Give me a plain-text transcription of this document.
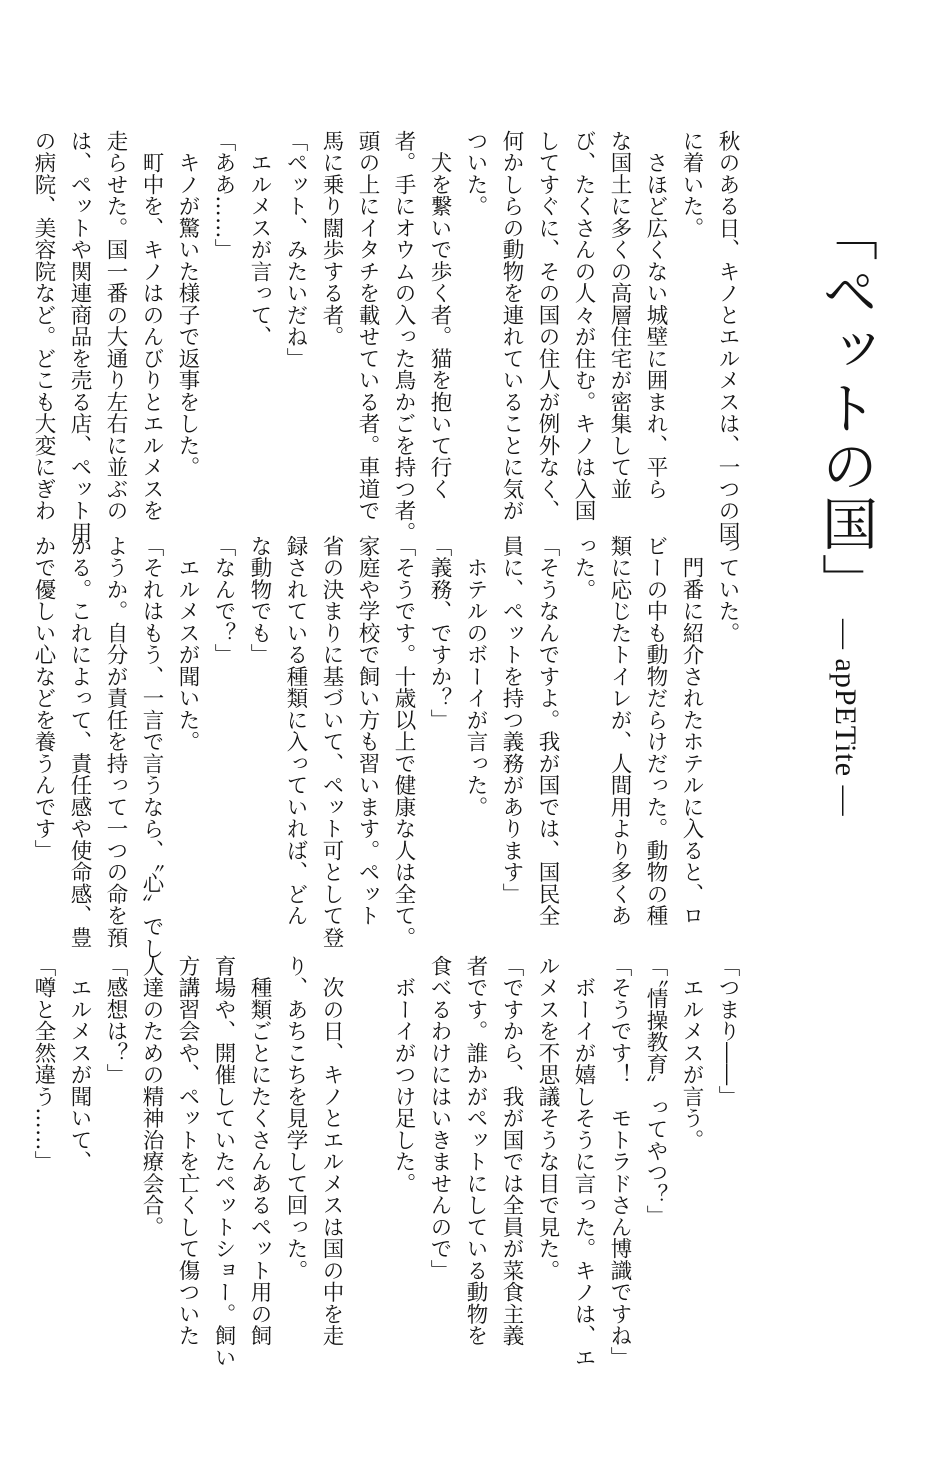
「ペットの国」— apPETite —
秋のある日、キノとエルメスは、一つの国
に着いた。
　さほど広くない城壁に囲まれ、平ら
な国土に多くの高層住宅が密集して並
び、たくさんの人々が住む。キノは入国
してすぐに、その国の住人が例外なく、
何かしらの動物を連れていることに気が
ついた。
　犬を繋いで歩く者。猫を抱いて行く
者。手にオウムの入った鳥かごを持つ者。
頭の上にイタチを載せている者。車道で
馬に乗り闊歩する者。
「ペット、みたいだね」
　エルメスが言って、
「ああ……」
　キノが驚いた様子で返事をした。
　町中を、キノはのんびりとエルメスを
走らせた。国一番の大通り左右に並ぶの
は、ペットや関連商品を売る店、ペット用
の病院、美容院など。どこも大変にぎわ
っていた。
　門番に紹介されたホテルに入ると、ロ
ビーの中も動物だらけだった。動物の種
類に応じたトイレが、人間用より多くあ
った。
「そうなんですよ。我が国では、国民全
員に、ペットを持つ義務があります」
　ホテルのボーイが言った。
「義務、ですか？」
「そうです。十歳以上で健康な人は全て。
家庭や学校で飼い方も習います。ペット
省の決まりに基づいて、ペット可として登
録されている種類に入っていれば、どん
な動物でも」
「なんで？」
　エルメスが聞いた。
「それはもう、一言で言うなら、〝心〟でし
ようか。自分が責任を持って一つの命を預
かる。これによって、責任感や使命感、豊
かで優しい心などを養うんです」
「つまり――」
　エルメスが言う。
「〝情操教育〟ってやつ？」
「そうです！　モトラドさん博識ですね」
　ボーイが嬉しそうに言った。キノは、エ
ルメスを不思議そうな目で見た。
「ですから、我が国では全員が菜食主義
者です。誰かがペットにしている動物を
食べるわけにはいきませんので」
　ボーイがつけ足した。

　次の日、キノとエルメスは国の中を走
り、あちこちを見学して回った。
　種類ごとにたくさんあるペット用の飼
育場や、開催していたペットショー。飼い
方講習会や、ペットを亡くして傷ついた
人達のための精神治療会合。
「感想は？」
　エルメスが聞いて、
「噂と全然違う……」
